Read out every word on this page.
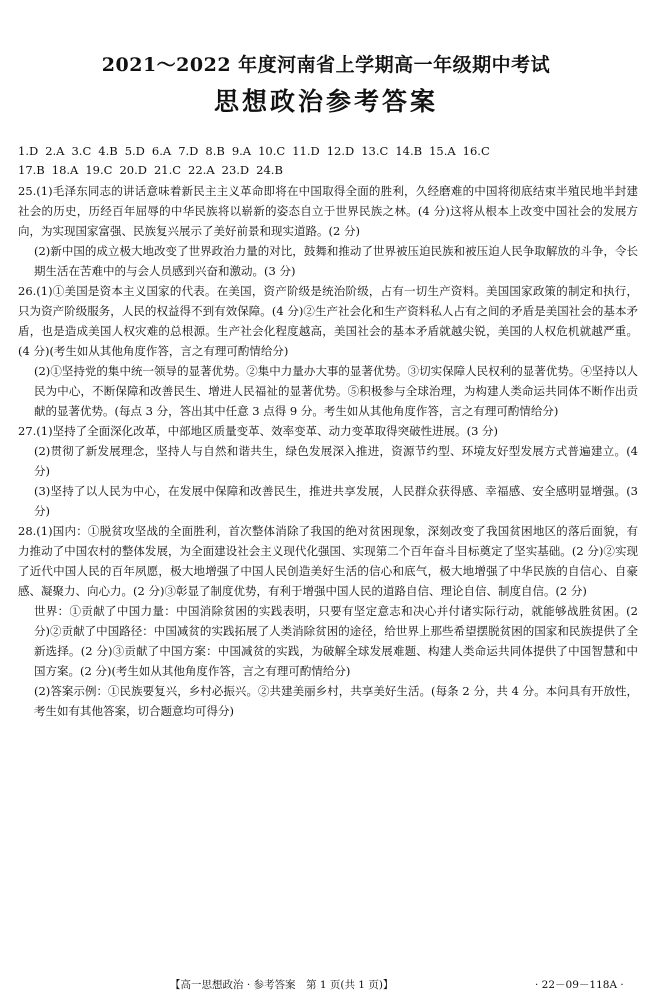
2021～2022 年度河南省上学期高一年级期中考试
思想政治参考答案
1.D 2.A 3.C 4.B 5.D 6.A 7.D 8.B 9.A 10.C 11.D 12.D 13.C 14.B 15.A 16.C
17.B 18.A 19.C 20.D 21.C 22.A 23.D 24.B
25.(1)毛泽东同志的讲话意味着新民主主义革命即将在中国取得全面的胜利，久经磨难的中国将彻底结束半殖民地半封建社会的历史，历经百年屈辱的中华民族将以崭新的姿态自立于世界民族之林。(4 分)这将从根本上改变中国社会的发展方向，为实现国家富强、民族复兴展示了美好前景和现实道路。(2 分)
(2)新中国的成立极大地改变了世界政治力量的对比，鼓舞和推动了世界被压迫民族和被压迫人民争取解放的斗争，令长期生活在苦难中的与会人员感到兴奋和激动。(3 分)
26.(1)①美国是资本主义国家的代表。在美国，资产阶级是统治阶级，占有一切生产资料。美国国家政策的制定和执行，只为资产阶级服务，人民的权益得不到有效保障。(4 分)②生产社会化和生产资料私人占有之间的矛盾是美国社会的基本矛盾，也是造成美国人权灾难的总根源。生产社会化程度越高，美国社会的基本矛盾就越尖锐，美国的人权危机就越严重。(4 分)(考生如从其他角度作答，言之有理可酌情给分)
(2)①坚持党的集中统一领导的显著优势。②集中力量办大事的显著优势。③切实保障人民权利的显著优势。④坚持以人民为中心，不断保障和改善民生、增进人民福祉的显著优势。⑤积极参与全球治理，为构建人类命运共同体不断作出贡献的显著优势。(每点 3 分，答出其中任意 3 点得 9 分。考生如从其他角度作答，言之有理可酌情给分)
27.(1)坚持了全面深化改革，中部地区质量变革、效率变革、动力变革取得突破性进展。(3 分)
(2)贯彻了新发展理念，坚持人与自然和谐共生，绿色发展深入推进，资源节约型、环境友好型发展方式普遍建立。(4 分)
(3)坚持了以人民为中心，在发展中保障和改善民生，推进共享发展，人民群众获得感、幸福感、安全感明显增强。(3 分)
28.(1)国内：①脱贫攻坚战的全面胜利，首次整体消除了我国的绝对贫困现象，深刻改变了我国贫困地区的落后面貌，有力推动了中国农村的整体发展，为全面建设社会主义现代化强国、实现第二个百年奋斗目标奠定了坚实基础。(2 分)②实现了近代中国人民的百年夙愿，极大地增强了中国人民创造美好生活的信心和底气，极大地增强了中华民族的自信心、自豪感、凝聚力、向心力。(2 分)③彰显了制度优势，有利于增强中国人民的道路自信、理论自信、制度自信。(2 分)
世界：①贡献了中国力量：中国消除贫困的实践表明，只要有坚定意志和决心并付诸实际行动，就能够战胜贫困。(2 分)②贡献了中国路径：中国减贫的实践拓展了人类消除贫困的途径，给世界上那些希望摆脱贫困的国家和民族提供了全新选择。(2 分)③贡献了中国方案：中国减贫的实践，为破解全球发展难题、构建人类命运共同体提供了中国智慧和中国方案。(2 分)(考生如从其他角度作答，言之有理可酌情给分)
(2)答案示例：①民族要复兴，乡村必振兴。②共建美丽乡村，共享美好生活。(每条 2 分，共 4 分。本问具有开放性，考生如有其他答案，切合题意均可得分)
【高一思想政治 · 参考答案　第 1 页(共 1 页)】	· 22－09－118A ·
